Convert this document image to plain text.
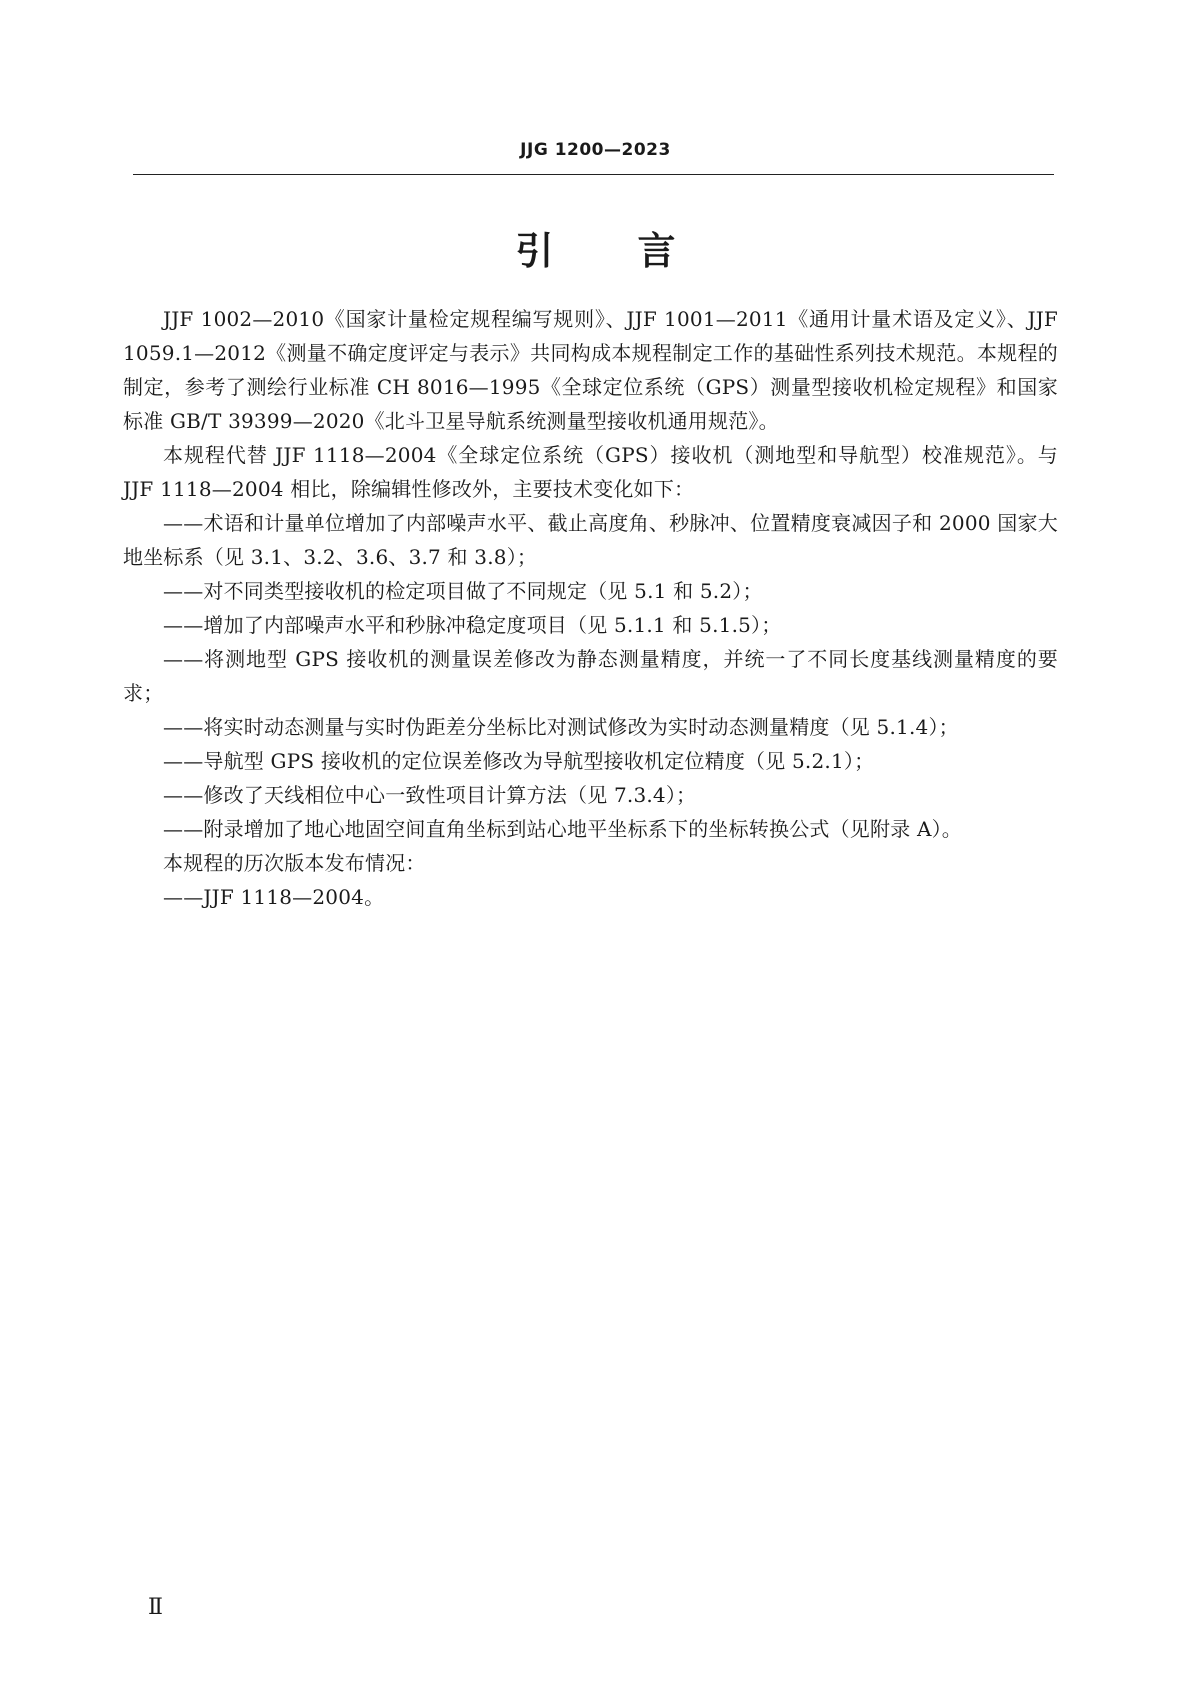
JJG 1200—2023
引 言

JJF 1002—2010《国家计量检定规程编写规则》、JJF 1001—2011《通用计量术语及定义》、JJF 1059.1—2012《测量不确定度评定与表示》共同构成本规程制定工作的基础性系列技术规范。本规程的制定，参考了测绘行业标准 CH 8016—1995《全球定位系统（GPS）测量型接收机检定规程》和国家标准 GB/T 39399—2020《北斗卫星导航系统测量型接收机通用规范》。

本规程代替 JJF 1118—2004《全球定位系统（GPS）接收机（测地型和导航型）校准规范》。与 JJF 1118—2004 相比，除编辑性修改外，主要技术变化如下：

——术语和计量单位增加了内部噪声水平、截止高度角、秒脉冲、位置精度衰减因子和 2000 国家大地坐标系（见 3.1、3.2、3.6、3.7 和 3.8）；

——对不同类型接收机的检定项目做了不同规定（见 5.1 和 5.2）；

——增加了内部噪声水平和秒脉冲稳定度项目（见 5.1.1 和 5.1.5）；

——将测地型 GPS 接收机的测量误差修改为静态测量精度，并统一了不同长度基线测量精度的要求；

——将实时动态测量与实时伪距差分坐标比对测试修改为实时动态测量精度（见 5.1.4）；

——导航型 GPS 接收机的定位误差修改为导航型接收机定位精度（见 5.2.1）；

——修改了天线相位中心一致性项目计算方法（见 7.3.4）；

——附录增加了地心地固空间直角坐标到站心地平坐标系下的坐标转换公式（见附录 A）。

本规程的历次版本发布情况：

——JJF 1118—2004。

Ⅱ
